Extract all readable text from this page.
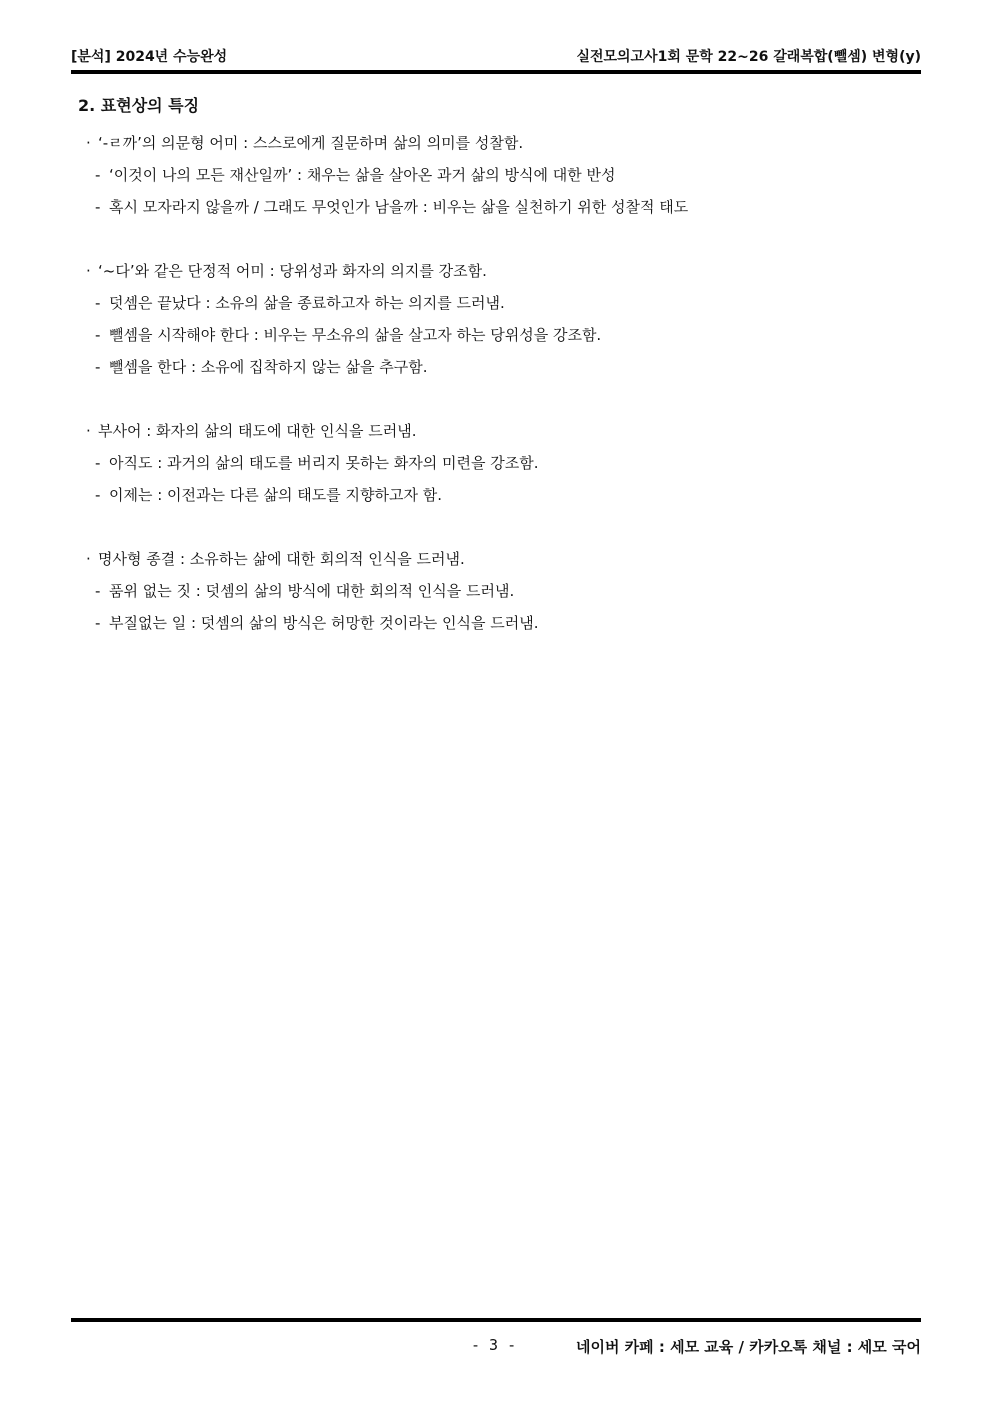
[분석] 2024년 수능완성	실전모의고사1회 문학 22~26 갈래복합(뺄셈) 변형(y)
2. 표현상의 특징
· ‘-ㄹ까’의 의문형 어미 : 스스로에게 질문하며 삶의 의미를 성찰함.
- ‘이것이 나의 모든 재산일까’ : 채우는 삶을 살아온 과거 삶의 방식에 대한 반성
- 혹시 모자라지 않을까 / 그래도 무엇인가 남을까 : 비우는 삶을 실천하기 위한 성찰적 태도
· ‘~다’와 같은 단정적 어미 : 당위성과 화자의 의지를 강조함.
- 덧셈은 끝났다 : 소유의 삶을 종료하고자 하는 의지를 드러냄.
- 뺄셈을 시작해야 한다 : 비우는 무소유의 삶을 살고자 하는 당위성을 강조함.
- 뺄셈을 한다 : 소유에 집착하지 않는 삶을 추구함.
· 부사어 : 화자의 삶의 태도에 대한 인식을 드러냄.
- 아직도 : 과거의 삶의 태도를 버리지 못하는 화자의 미련을 강조함.
- 이제는 : 이전과는 다른 삶의 태도를 지향하고자 함.
· 명사형 종결 : 소유하는 삶에 대한 회의적 인식을 드러냄.
- 품위 없는 짓 : 덧셈의 삶의 방식에 대한 회의적 인식을 드러냄.
- 부질없는 일 : 덧셈의 삶의 방식은 허망한 것이라는 인식을 드러냄.
- 3 -	네이버 카페 : 세모 교육 / 카카오톡 채널 : 세모 국어
